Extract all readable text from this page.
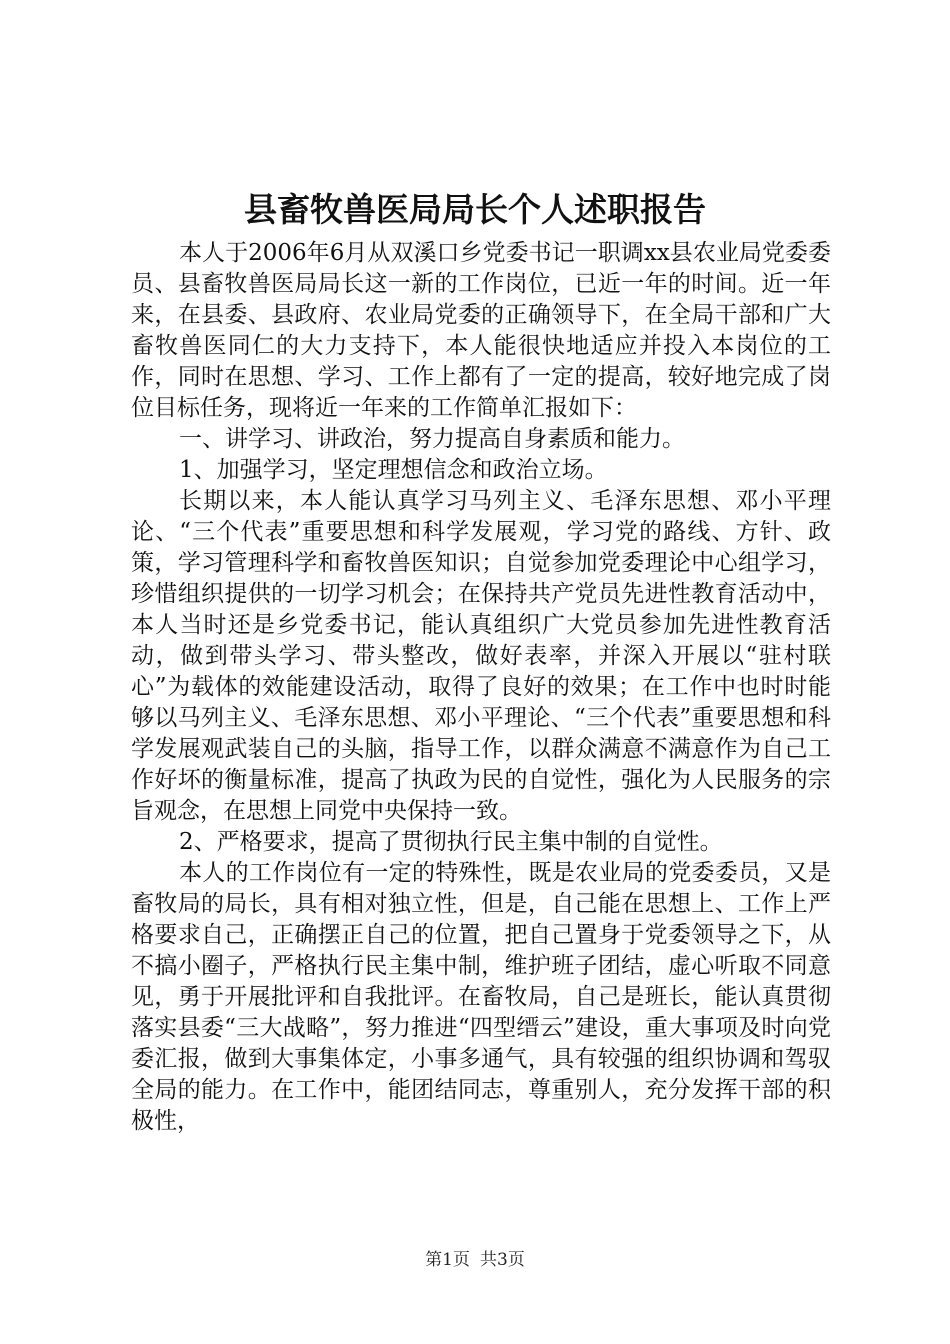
县畜牧兽医局局长个人述职报告

本人于2006年6月从双溪口乡党委书记一职调xx县农业局党委委员、县畜牧兽医局局长这一新的工作岗位，已近一年的时间。近一年来，在县委、县政府、农业局党委的正确领导下，在全局干部和广大畜牧兽医同仁的大力支持下，本人能很快地适应并投入本岗位的工作，同时在思想、学习、工作上都有了一定的提高，较好地完成了岗位目标任务，现将近一年来的工作简单汇报如下：

一、讲学习、讲政治，努力提高自身素质和能力。

1、加强学习，坚定理想信念和政治立场。

长期以来，本人能认真学习马列主义、毛泽东思想、邓小平理论、“三个代表”重要思想和科学发展观，学习党的路线、方针、政策，学习管理科学和畜牧兽医知识；自觉参加党委理论中心组学习，珍惜组织提供的一切学习机会；在保持共产党员先进性教育活动中，本人当时还是乡党委书记，能认真组织广大党员参加先进性教育活动，做到带头学习、带头整改，做好表率，并深入开展以“驻村联心”为载体的效能建设活动，取得了良好的效果；在工作中也时时能够以马列主义、毛泽东思想、邓小平理论、“三个代表”重要思想和科学发展观武装自己的头脑，指导工作，以群众满意不满意作为自己工作好坏的衡量标准，提高了执政为民的自觉性，强化为人民服务的宗旨观念，在思想上同党中央保持一致。

2、严格要求，提高了贯彻执行民主集中制的自觉性。

本人的工作岗位有一定的特殊性，既是农业局的党委委员，又是畜牧局的局长，具有相对独立性，但是，自己能在思想上、工作上严格要求自己，正确摆正自己的位置，把自己置身于党委领导之下，从不搞小圈子，严格执行民主集中制，维护班子团结，虚心听取不同意见，勇于开展批评和自我批评。在畜牧局，自己是班长，能认真贯彻落实县委“三大战略”，努力推进“四型缙云”建设，重大事项及时向党委汇报，做到大事集体定，小事多通气，具有较强的组织协调和驾驭全局的能力。在工作中，能团结同志，尊重别人，充分发挥干部的积极性，

第1页 共3页
